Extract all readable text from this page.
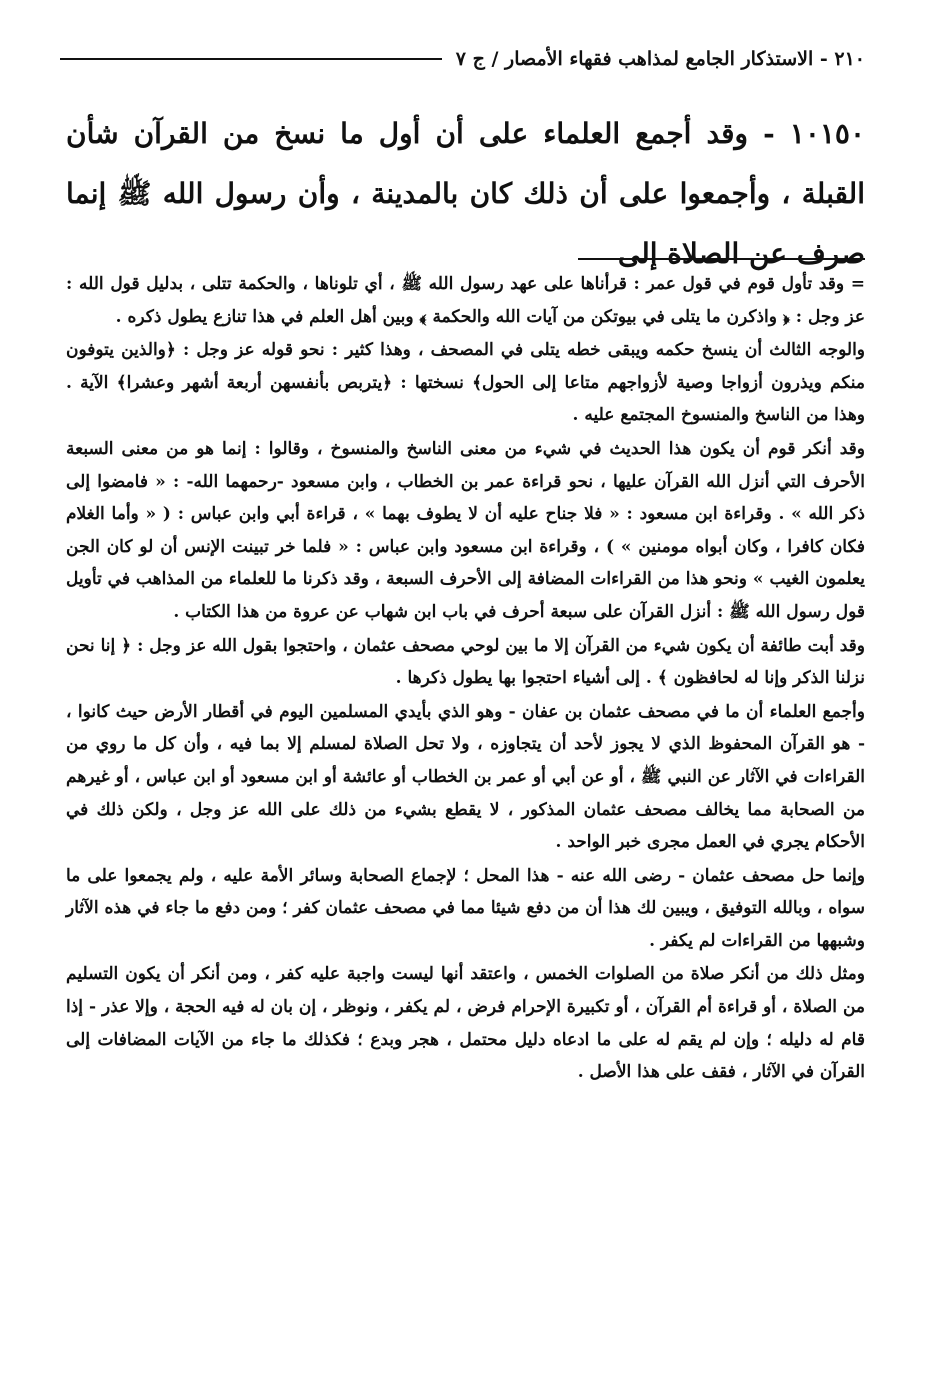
٢١٠ - الاستذكار الجامع لمذاهب فقهاء الأمصار / ج ٧

١٠١٥٠ - وقد أجمع العلماء على أن أول ما نسخ من القرآن شأن القبلة ، وأجمعوا على أن ذلك كان بالمدينة ، وأن رسول الله ﷺ إنما صرف عن الصلاة إلى

= وقد تأول قوم في قول عمر : قرأناها على عهد رسول الله ﷺ ، أي تلوناها ، والحكمة تتلى ، بدليل قول الله : عز وجل : ﴿ واذكرن ما يتلى في بيوتكن من آيات الله والحكمة ﴾ وبين أهل العلم في هذا تنازع يطول ذكره .

والوجه الثالث أن ينسخ حكمه ويبقى خطه يتلى في المصحف ، وهذا كثير : نحو قوله عز وجل : ﴿والذين يتوفون منكم ويذرون أزواجا وصية لأزواجهم متاعا إلى الحول﴾ نسختها : ﴿يتربص بأنفسهن أربعة أشهر وعشرا﴾ الآية . وهذا من الناسخ والمنسوخ المجتمع عليه .

وقد أنكر قوم أن يكون هذا الحديث في شيء من معنى الناسخ والمنسوخ ، وقالوا : إنما هو من معنى السبعة الأحرف التي أنزل الله القرآن عليها ، نحو قراءة عمر بن الخطاب ، وابن مسعود -رحمهما الله- : « فامضوا إلى ذكر الله » . وقراءة ابن مسعود : « فلا جناح عليه أن لا يطوف بهما » ، قراءة أبي وابن عباس : ( « وأما الغلام فكان كافرا ، وكان أبواه مومنين » ) ، وقراءة ابن مسعود وابن عباس : « فلما خر تبينت الإنس أن لو كان الجن يعلمون الغيب » ونحو هذا من القراءات المضافة إلى الأحرف السبعة ، وقد ذكرنا ما للعلماء من المذاهب في تأويل قول رسول الله ﷺ : أنزل القرآن على سبعة أحرف في باب ابن شهاب عن عروة من هذا الكتاب .

وقد أبت طائفة أن يكون شيء من القرآن إلا ما بين لوحي مصحف عثمان ، واحتجوا بقول الله عز وجل : ﴿ إنا نحن نزلنا الذكر وإنا له لحافظون ﴾ . إلى أشياء احتجوا بها يطول ذكرها .

وأجمع العلماء أن ما في مصحف عثمان بن عفان - وهو الذي بأيدي المسلمين اليوم في أقطار الأرض حيث كانوا ، - هو القرآن المحفوظ الذي لا يجوز لأحد أن يتجاوزه ، ولا تحل الصلاة لمسلم إلا بما فيه ، وأن كل ما روي من القراءات في الآثار عن النبي ﷺ ، أو عن أبي أو عمر بن الخطاب أو عائشة أو ابن مسعود أو ابن عباس ، أو غيرهم من الصحابة مما يخالف مصحف عثمان المذكور ، لا يقطع بشيء من ذلك على الله عز وجل ، ولكن ذلك في الأحكام يجري في العمل مجرى خبر الواحد .

وإنما حل مصحف عثمان - رضى الله عنه - هذا المحل ؛ لإجماع الصحابة وسائر الأمة عليه ، ولم يجمعوا على ما سواه ، وبالله التوفيق ، ويبين لك هذا أن من دفع شيئا مما في مصحف عثمان كفر ؛ ومن دفع ما جاء في هذه الآثار وشبهها من القراءات لم يكفر .

ومثل ذلك من أنكر صلاة من الصلوات الخمس ، واعتقد أنها ليست واجبة عليه كفر ، ومن أنكر أن يكون التسليم من الصلاة ، أو قراءة أم القرآن ، أو تكبيرة الإحرام فرض ، لم يكفر ، ونوظر ، إن بان له فيه الحجة ، وإلا عذر - إذا قام له دليله ؛ وإن لم يقم له على ما ادعاه دليل محتمل ، هجر وبدع ؛ فكذلك ما جاء من الآيات المضافات إلى القرآن في الآثار ، فقف على هذا الأصل .
